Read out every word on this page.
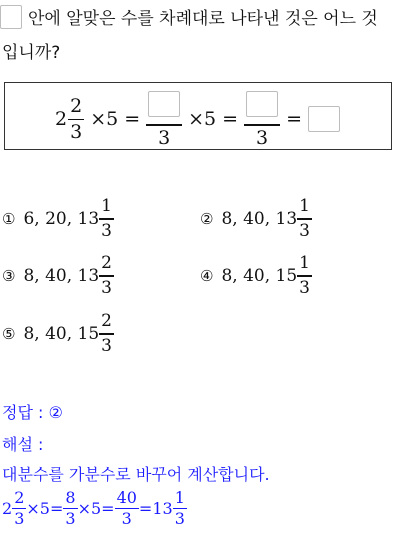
안에 알맞은 수를 차례대로 나타낸 것은 어느 것
입니까?
$2 \frac{2}{3} \times 5$ =
3
×5 =
3
=
① 6, 20, $13 \frac{1}{3}$	② 8, 40, $13 \frac{1}{3}$
③ 8, 40, $13 \frac{2}{3}$	④ 8, 40, $15 \frac{1}{3}$
⑤ 8, 40, $15 \frac{2}{3}$
정답 : ②
해설 :
대분수를 가분수로 바꾸어 계산합니다.
$2 \frac{2}{3} \times 5 = \frac{8}{3} \times 5 = \frac{40}{3} = 13 \frac{1}{3}$
